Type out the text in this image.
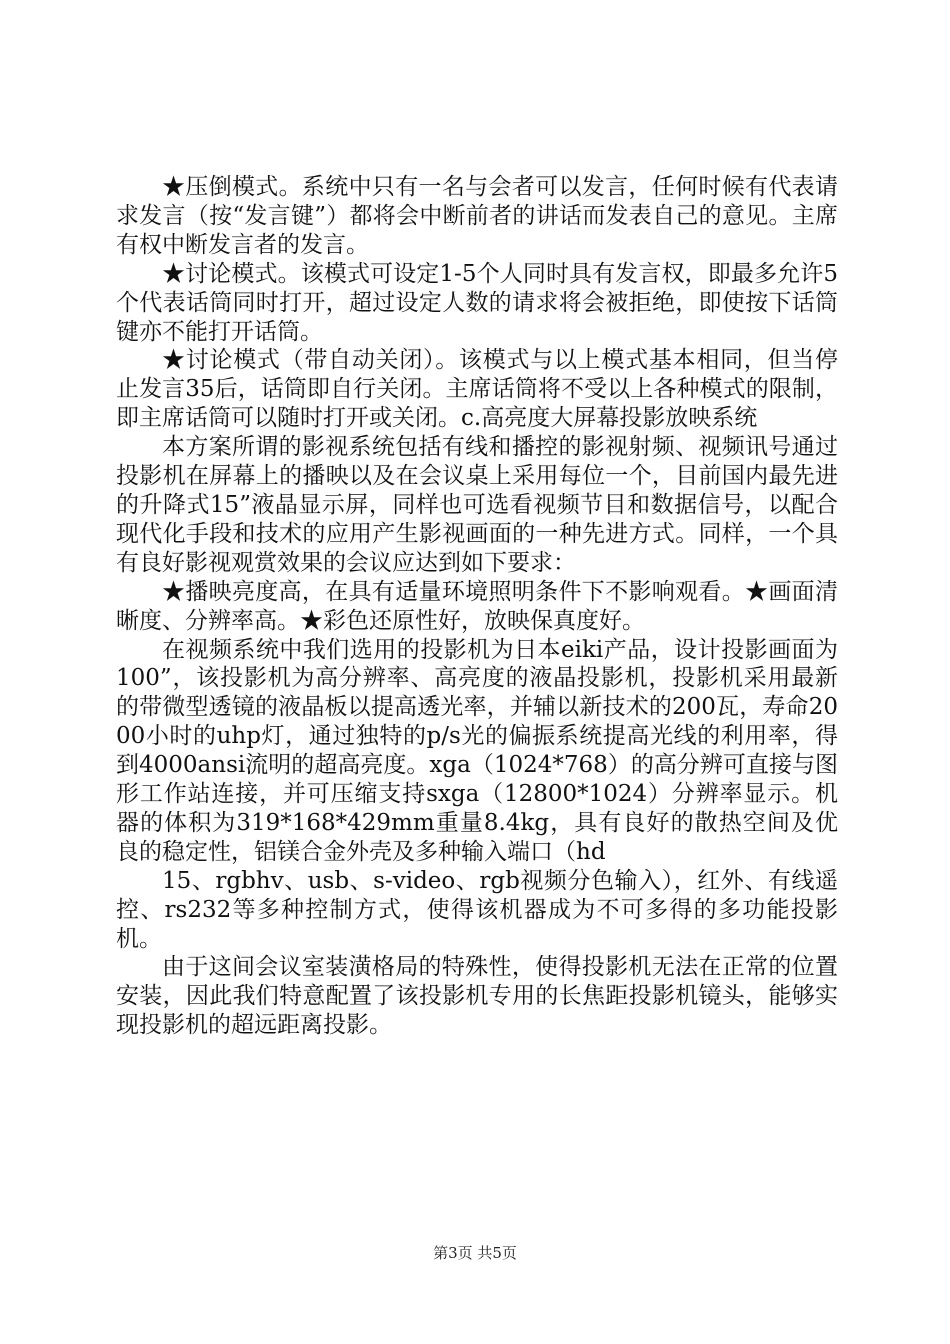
★压倒模式。系统中只有一名与会者可以发言，任何时候有代表请求发言（按“发言键”）都将会中断前者的讲话而发表自己的意见。主席有权中断发言者的发言。

★讨论模式。该模式可设定1-5个人同时具有发言权，即最多允许5个代表话筒同时打开，超过设定人数的请求将会被拒绝，即使按下话筒键亦不能打开话筒。

★讨论模式（带自动关闭）。该模式与以上模式基本相同，但当停止发言35后，话筒即自行关闭。主席话筒将不受以上各种模式的限制，即主席话筒可以随时打开或关闭。c.高亮度大屏幕投影放映系统

本方案所谓的影视系统包括有线和播控的影视射频、视频讯号通过投影机在屏幕上的播映以及在会议桌上采用每位一个，目前国内最先进的升降式15”液晶显示屏，同样也可选看视频节目和数据信号，以配合现代化手段和技术的应用产生影视画面的一种先进方式。同样，一个具有良好影视观赏效果的会议应达到如下要求：

★播映亮度高，在具有适量环境照明条件下不影响观看。★画面清晰度、分辨率高。★彩色还原性好，放映保真度好。

在视频系统中我们选用的投影机为日本eiki产品，设计投影画面为100”，该投影机为高分辨率、高亮度的液晶投影机，投影机采用最新的带微型透镜的液晶板以提高透光率，并辅以新技术的200瓦，寿命2000小时的uhp灯，通过独特的p/s光的偏振系统提高光线的利用率，得到4000ansi流明的超高亮度。xga（1024*768）的高分辨可直接与图形工作站连接，并可压缩支持sxga（12800*1024）分辨率显示。机器的体积为319*168*429mm重量8.4kg，具有良好的散热空间及优良的稳定性，铝镁合金外壳及多种输入端口（hd

15、rgbhv、usb、s-video、rgb视频分色输入），红外、有线遥控、rs232等多种控制方式，使得该机器成为不可多得的多功能投影机。

由于这间会议室装潢格局的特殊性，使得投影机无法在正常的位置安装，因此我们特意配置了该投影机专用的长焦距投影机镜头，能够实现投影机的超远距离投影。

第3页 共5页
